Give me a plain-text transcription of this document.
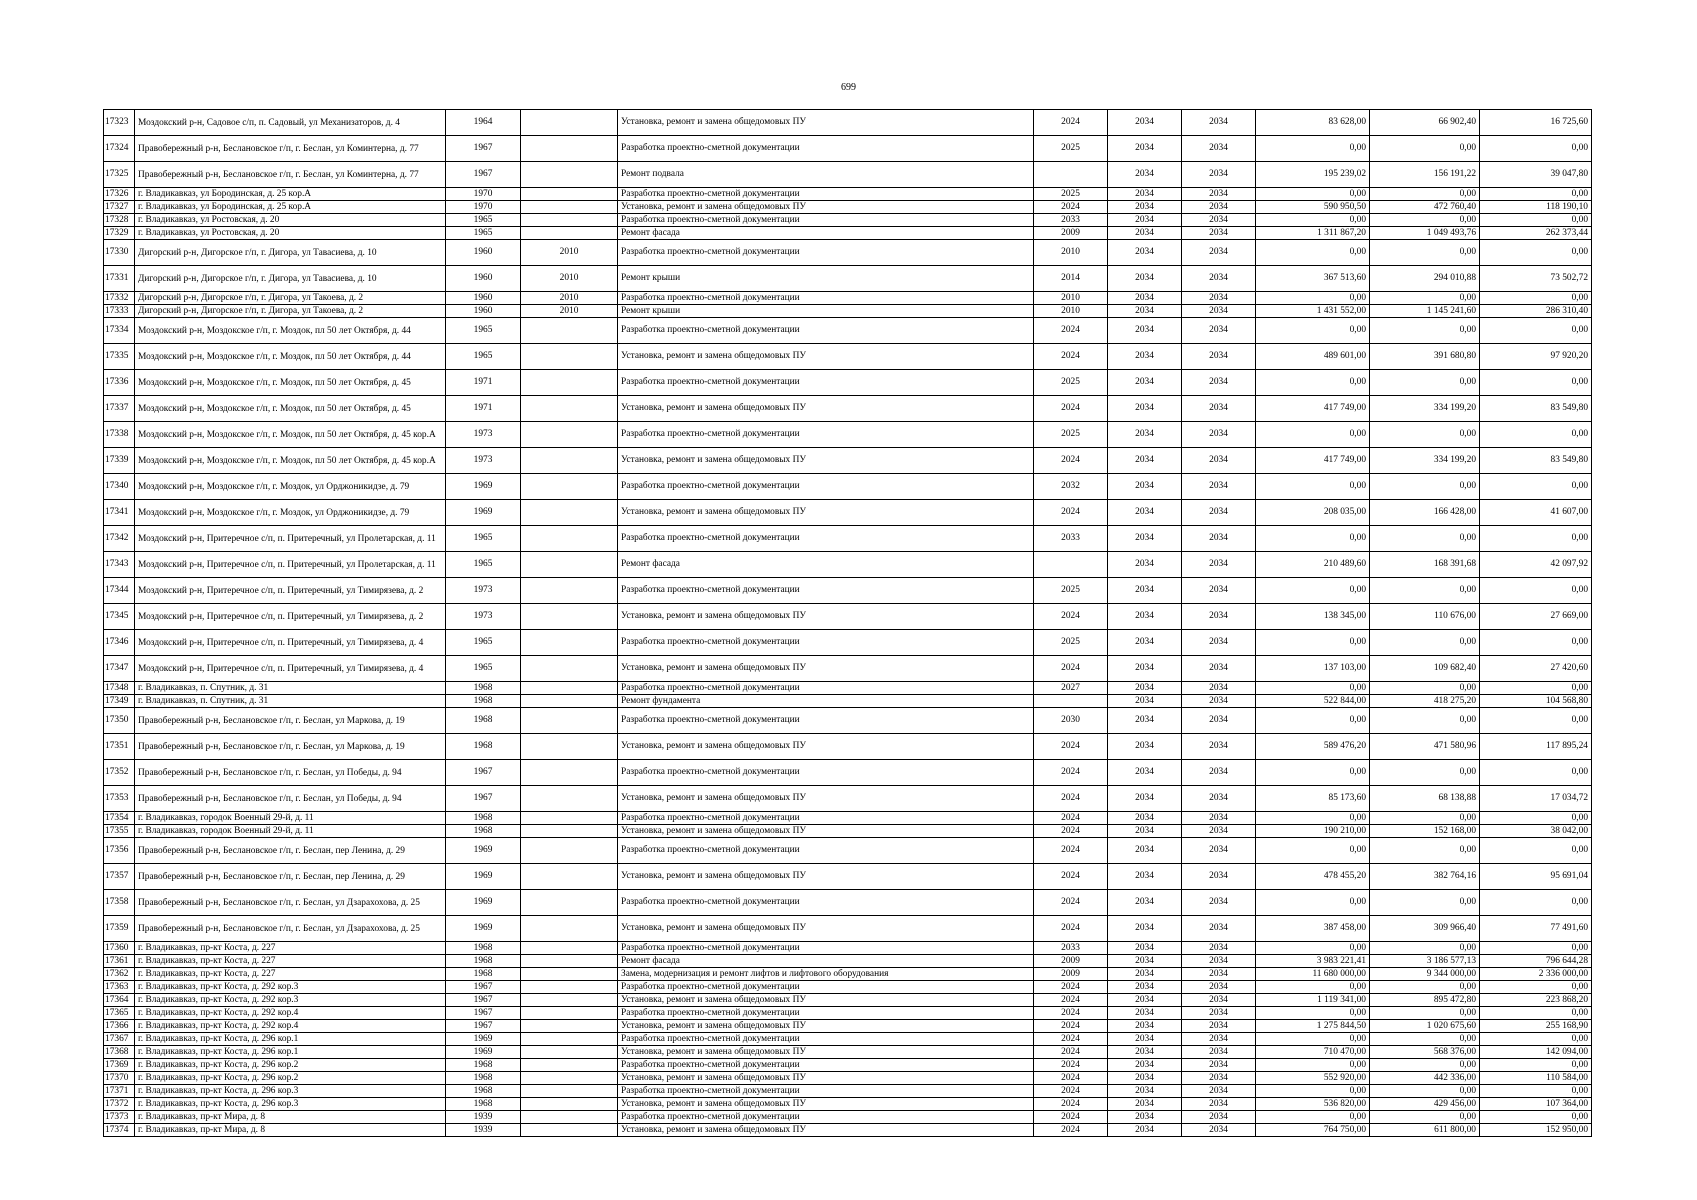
699
17323	Моздокский р-н, Садовое с/п, п. Садовый, ул Механизаторов, д. 4	1964		Установка, ремонт и замена общедомовых ПУ	2024	2034	2034	83 628,00	66 902,40	16 725,60
17324	Правобережный р-н, Беслановское г/п, г. Беслан, ул Коминтерна, д. 77	1967		Разработка проектно-сметной документации	2025	2034	2034	0,00	0,00	0,00
17325	Правобережный р-н, Беслановское г/п, г. Беслан, ул Коминтерна, д. 77	1967		Ремонт подвала		2034	2034	195 239,02	156 191,22	39 047,80
17326	г. Владикавказ, ул Бородинская, д. 25 кор.А	1970		Разработка проектно-сметной документации	2025	2034	2034	0,00	0,00	0,00
17327	г. Владикавказ, ул Бородинская, д. 25 кор.А	1970		Установка, ремонт и замена общедомовых ПУ	2024	2034	2034	590 950,50	472 760,40	118 190,10
17328	г. Владикавказ, ул Ростовская, д. 20	1965		Разработка проектно-сметной документации	2033	2034	2034	0,00	0,00	0,00
17329	г. Владикавказ, ул Ростовская, д. 20	1965		Ремонт фасада	2009	2034	2034	1 311 867,20	1 049 493,76	262 373,44
17330	Дигорский р-н, Дигорское г/п, г. Дигора, ул Тавасиева, д. 10	1960	2010	Разработка проектно-сметной документации	2010	2034	2034	0,00	0,00	0,00
17331	Дигорский р-н, Дигорское г/п, г. Дигора, ул Тавасиева, д. 10	1960	2010	Ремонт крыши	2014	2034	2034	367 513,60	294 010,88	73 502,72
17332	Дигорский р-н, Дигорское г/п, г. Дигора, ул Такоева, д. 2	1960	2010	Разработка проектно-сметной документации	2010	2034	2034	0,00	0,00	0,00
17333	Дигорский р-н, Дигорское г/п, г. Дигора, ул Такоева, д. 2	1960	2010	Ремонт крыши	2010	2034	2034	1 431 552,00	1 145 241,60	286 310,40
17334	Моздокский р-н, Моздокское г/п, г. Моздок, пл 50 лет Октября, д. 44	1965		Разработка проектно-сметной документации	2024	2034	2034	0,00	0,00	0,00
17335	Моздокский р-н, Моздокское г/п, г. Моздок, пл 50 лет Октября, д. 44	1965		Установка, ремонт и замена общедомовых ПУ	2024	2034	2034	489 601,00	391 680,80	97 920,20
17336	Моздокский р-н, Моздокское г/п, г. Моздок, пл 50 лет Октября, д. 45	1971		Разработка проектно-сметной документации	2025	2034	2034	0,00	0,00	0,00
17337	Моздокский р-н, Моздокское г/п, г. Моздок, пл 50 лет Октября, д. 45	1971		Установка, ремонт и замена общедомовых ПУ	2024	2034	2034	417 749,00	334 199,20	83 549,80
17338	Моздокский р-н, Моздокское г/п, г. Моздок, пл 50 лет Октября, д. 45 кор.А	1973		Разработка проектно-сметной документации	2025	2034	2034	0,00	0,00	0,00
17339	Моздокский р-н, Моздокское г/п, г. Моздок, пл 50 лет Октября, д. 45 кор.А	1973		Установка, ремонт и замена общедомовых ПУ	2024	2034	2034	417 749,00	334 199,20	83 549,80
17340	Моздокский р-н, Моздокское г/п, г. Моздок, ул Орджоникидзе, д. 79	1969		Разработка проектно-сметной документации	2032	2034	2034	0,00	0,00	0,00
17341	Моздокский р-н, Моздокское г/п, г. Моздок, ул Орджоникидзе, д. 79	1969		Установка, ремонт и замена общедомовых ПУ	2024	2034	2034	208 035,00	166 428,00	41 607,00
17342	Моздокский р-н, Притеречное с/п, п. Притеречный, ул Пролетарская, д. 11	1965		Разработка проектно-сметной документации	2033	2034	2034	0,00	0,00	0,00
17343	Моздокский р-н, Притеречное с/п, п. Притеречный, ул Пролетарская, д. 11	1965		Ремонт фасада		2034	2034	210 489,60	168 391,68	42 097,92
17344	Моздокский р-н, Притеречное с/п, п. Притеречный, ул Тимирязева, д. 2	1973		Разработка проектно-сметной документации	2025	2034	2034	0,00	0,00	0,00
17345	Моздокский р-н, Притеречное с/п, п. Притеречный, ул Тимирязева, д. 2	1973		Установка, ремонт и замена общедомовых ПУ	2024	2034	2034	138 345,00	110 676,00	27 669,00
17346	Моздокский р-н, Притеречное с/п, п. Притеречный, ул Тимирязева, д. 4	1965		Разработка проектно-сметной документации	2025	2034	2034	0,00	0,00	0,00
17347	Моздокский р-н, Притеречное с/п, п. Притеречный, ул Тимирязева, д. 4	1965		Установка, ремонт и замена общедомовых ПУ	2024	2034	2034	137 103,00	109 682,40	27 420,60
17348	г. Владикавказ, п. Спутник, д. 31	1968		Разработка проектно-сметной документации	2027	2034	2034	0,00	0,00	0,00
17349	г. Владикавказ, п. Спутник, д. 31	1968		Ремонт фундамента		2034	2034	522 844,00	418 275,20	104 568,80
17350	Правобережный р-н, Беслановское г/п, г. Беслан, ул Маркова, д. 19	1968		Разработка проектно-сметной документации	2030	2034	2034	0,00	0,00	0,00
17351	Правобережный р-н, Беслановское г/п, г. Беслан, ул Маркова, д. 19	1968		Установка, ремонт и замена общедомовых ПУ	2024	2034	2034	589 476,20	471 580,96	117 895,24
17352	Правобережный р-н, Беслановское г/п, г. Беслан, ул Победы, д. 94	1967		Разработка проектно-сметной документации	2024	2034	2034	0,00	0,00	0,00
17353	Правобережный р-н, Беслановское г/п, г. Беслан, ул Победы, д. 94	1967		Установка, ремонт и замена общедомовых ПУ	2024	2034	2034	85 173,60	68 138,88	17 034,72
17354	г. Владикавказ, городок Военный 29-й, д. 11	1968		Разработка проектно-сметной документации	2024	2034	2034	0,00	0,00	0,00
17355	г. Владикавказ, городок Военный 29-й, д. 11	1968		Установка, ремонт и замена общедомовых ПУ	2024	2034	2034	190 210,00	152 168,00	38 042,00
17356	Правобережный р-н, Беслановское г/п, г. Беслан, пер Ленина, д. 29	1969		Разработка проектно-сметной документации	2024	2034	2034	0,00	0,00	0,00
17357	Правобережный р-н, Беслановское г/п, г. Беслан, пер Ленина, д. 29	1969		Установка, ремонт и замена общедомовых ПУ	2024	2034	2034	478 455,20	382 764,16	95 691,04
17358	Правобережный р-н, Беслановское г/п, г. Беслан, ул Дзарахохова, д. 25	1969		Разработка проектно-сметной документации	2024	2034	2034	0,00	0,00	0,00
17359	Правобережный р-н, Беслановское г/п, г. Беслан, ул Дзарахохова, д. 25	1969		Установка, ремонт и замена общедомовых ПУ	2024	2034	2034	387 458,00	309 966,40	77 491,60
17360	г. Владикавказ, пр-кт Коста, д. 227	1968		Разработка проектно-сметной документации	2033	2034	2034	0,00	0,00	0,00
17361	г. Владикавказ, пр-кт Коста, д. 227	1968		Ремонт фасада	2009	2034	2034	3 983 221,41	3 186 577,13	796 644,28
17362	г. Владикавказ, пр-кт Коста, д. 227	1968		Замена, модернизация и ремонт лифтов и лифтового оборудования	2009	2034	2034	11 680 000,00	9 344 000,00	2 336 000,00
17363	г. Владикавказ, пр-кт Коста, д. 292 кор.3	1967		Разработка проектно-сметной документации	2024	2034	2034	0,00	0,00	0,00
17364	г. Владикавказ, пр-кт Коста, д. 292 кор.3	1967		Установка, ремонт и замена общедомовых ПУ	2024	2034	2034	1 119 341,00	895 472,80	223 868,20
17365	г. Владикавказ, пр-кт Коста, д. 292 кор.4	1967		Разработка проектно-сметной документации	2024	2034	2034	0,00	0,00	0,00
17366	г. Владикавказ, пр-кт Коста, д. 292 кор.4	1967		Установка, ремонт и замена общедомовых ПУ	2024	2034	2034	1 275 844,50	1 020 675,60	255 168,90
17367	г. Владикавказ, пр-кт Коста, д. 296 кор.1	1969		Разработка проектно-сметной документации	2024	2034	2034	0,00	0,00	0,00
17368	г. Владикавказ, пр-кт Коста, д. 296 кор.1	1969		Установка, ремонт и замена общедомовых ПУ	2024	2034	2034	710 470,00	568 376,00	142 094,00
17369	г. Владикавказ, пр-кт Коста, д. 296 кор.2	1968		Разработка проектно-сметной документации	2024	2034	2034	0,00	0,00	0,00
17370	г. Владикавказ, пр-кт Коста, д. 296 кор.2	1968		Установка, ремонт и замена общедомовых ПУ	2024	2034	2034	552 920,00	442 336,00	110 584,00
17371	г. Владикавказ, пр-кт Коста, д. 296 кор.3	1968		Разработка проектно-сметной документации	2024	2034	2034	0,00	0,00	0,00
17372	г. Владикавказ, пр-кт Коста, д. 296 кор.3	1968		Установка, ремонт и замена общедомовых ПУ	2024	2034	2034	536 820,00	429 456,00	107 364,00
17373	г. Владикавказ, пр-кт Мира, д. 8	1939		Разработка проектно-сметной документации	2024	2034	2034	0,00	0,00	0,00
17374	г. Владикавказ, пр-кт Мира, д. 8	1939		Установка, ремонт и замена общедомовых ПУ	2024	2034	2034	764 750,00	611 800,00	152 950,00
